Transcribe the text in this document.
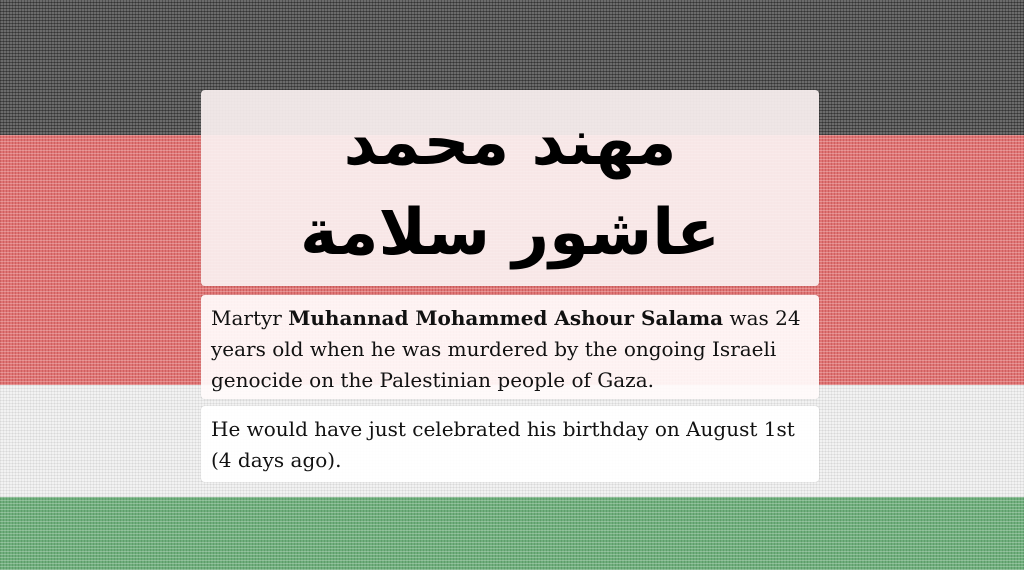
مهند محمد عاشور سلامة

Martyr Muhannad Mohammed Ashour Salama was 24 years old when he was murdered by the ongoing Israeli genocide on the Palestinian people of Gaza.

He would have just celebrated his birthday on August 1st (4 days ago).
